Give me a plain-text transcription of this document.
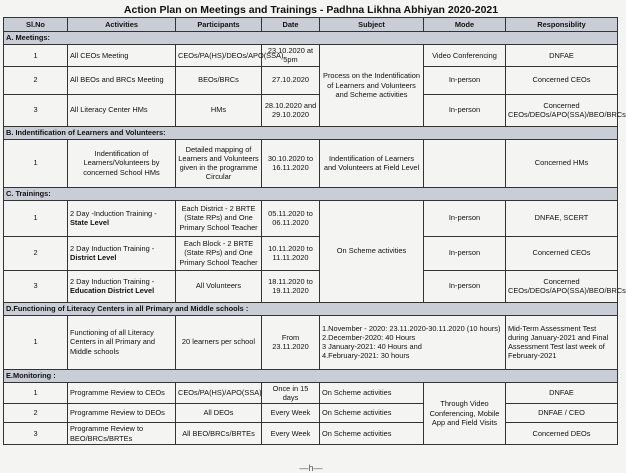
Action Plan on Meetings and Trainings - Padhna Likhna Abhiyan 2020-2021
Sl.No	Activities	Participants	Date	Subject	Mode	Responsiblity
A. Meetings:						
1	All CEOs Meeting	CEOs/PA(HS)/DEOs/APO(SSA)	23.10.2020 at 5pm	Process on the Indentification of Learners and Volunteers and Scheme activities	Video Conferencing	DNFAE
2	All BEOs and BRCs Meeting	BEOs/BRCs	27.10.2020		In-person	Concerned CEOs
3	All Literacy Center HMs	HMs	28.10.2020 and 29.10.2020		In-person	Concerned CEOs/DEOs/APO(SSA)/BEO/BRCs
B. Indentification of Learners and Volunteers:						
1	Indentification of Learners/Volunteers by concerned School HMs	Detailed mapping of Learners and Volunteers given in the programme Circular	30.10.2020 to 16.11.2020	Indentification of Learners and Volunteers at Field Level		Concerned HMs
C. Trainings:						
1	2 Day -Induction Training - State Level	Each District - 2 BRTE (State RPs) and One Primary School Teacher	05.11.2020 to 06.11.2020	On Scheme activities	In-person	DNFAE, SCERT
2	2 Day Induction Training - District Level	Each Block - 2 BRTE (State RPs) and One Primary School Teacher	10.11.2020 to 11.11.2020		In-person	Concerned CEOs
3	2 Day Induction Training - Education District Level	All Volunteers	18.11.2020 to 19.11.2020		In-person	Concerned CEOs/DEOs/APO(SSA)/BEO/BRCs
D.Functioning of Literacy Centers in all Primary and Middle schools :						
1	Functioning of all Literacy Centers in all Primary and Middle schools	20 learners per school	From 23.11.2020	1.November - 2020: 23.11.2020-30.11.2020 (10 hours)
2.December-2020: 40 Hours
3 January-2021: 40 Hours and
4.February-2021: 30 hours		Mid-Term Assessment Test during January-2021 and Final Assessment Test last week of February-2021
E.Monitoring :						
1	Programme Review to CEOs	CEOs/PA(HS)/APO(SSA)	Once in 15 days	On Scheme activities	Through Video Conferencing, Mobile App and Field Visits	DNFAE
2	Programme Review to DEOs	All DEOs	Every Week	On Scheme activities		DNFAE / CEO
3	Programme Review to BEO/BRCs/BRTEs	All BEO/BRCs/BRTEs	Every Week	On Scheme activities		Concerned DEOs
—h—
